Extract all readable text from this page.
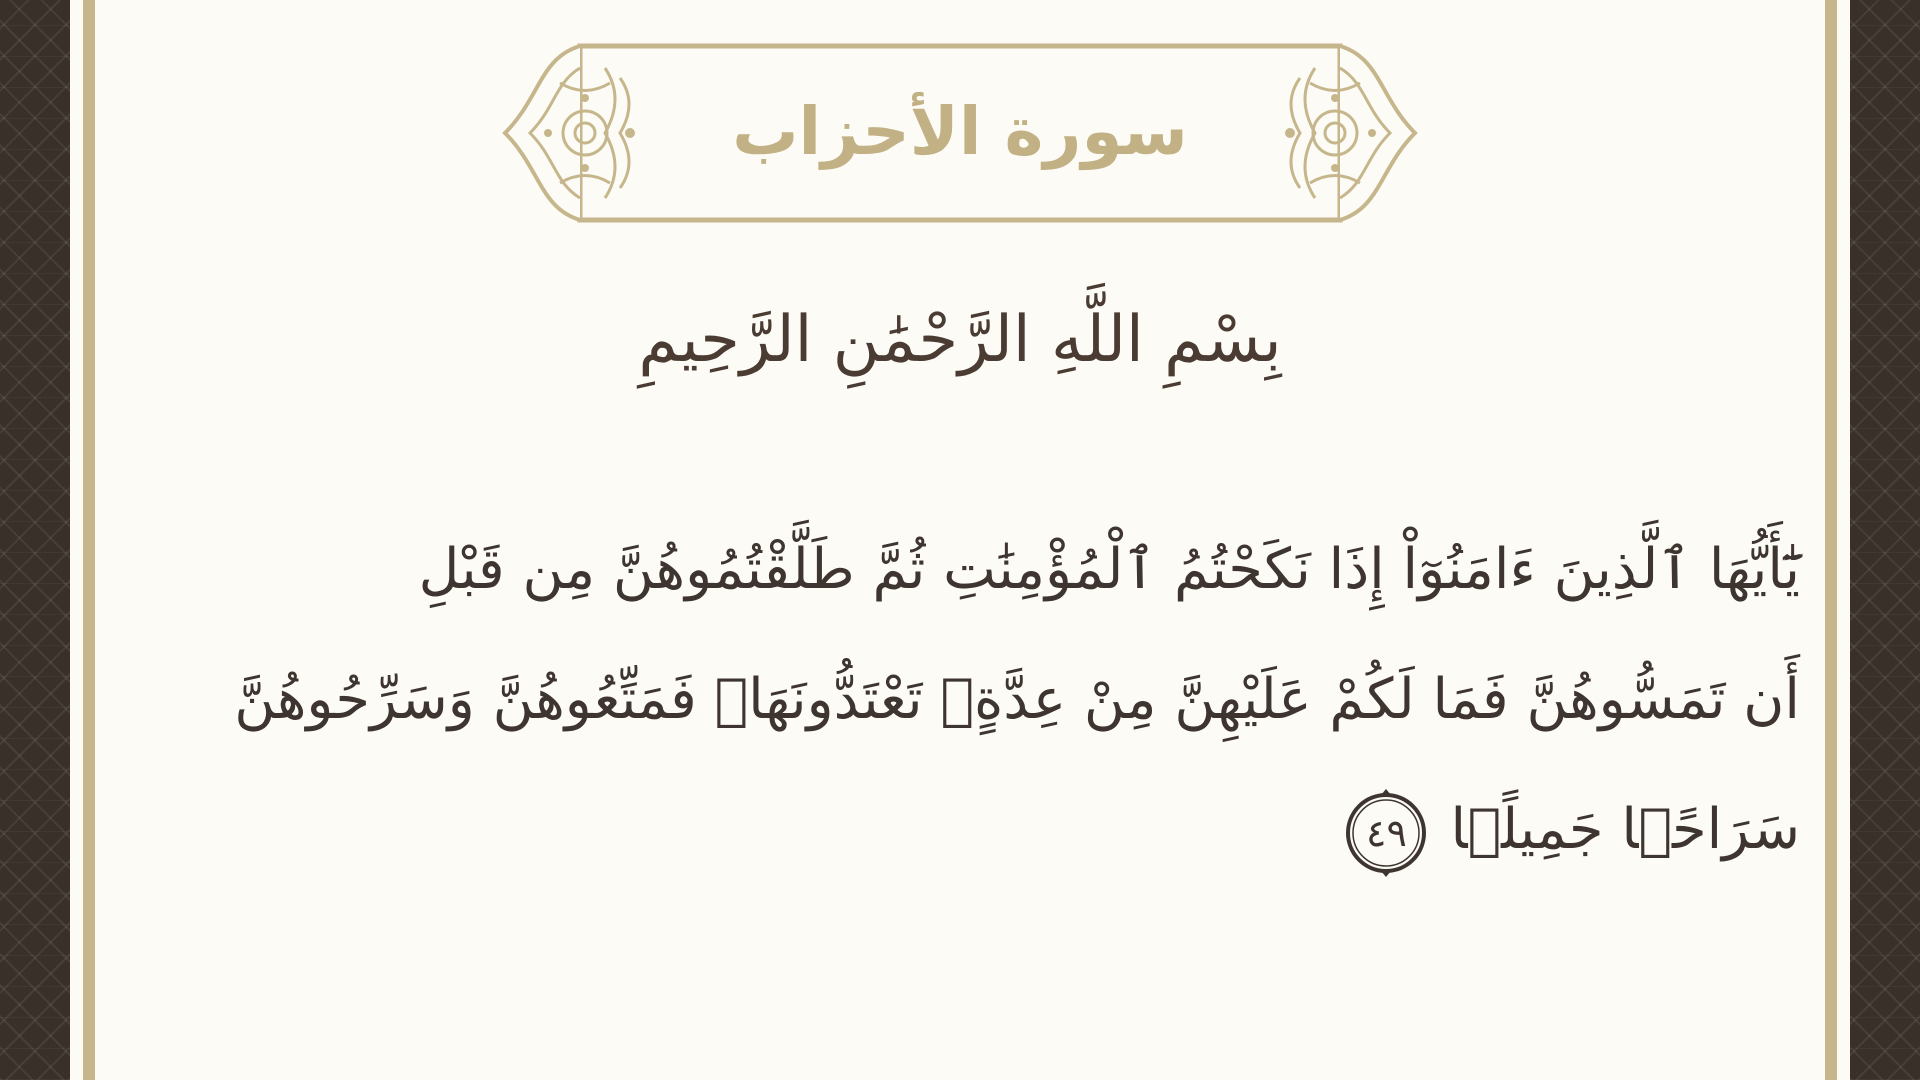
سورة الأحزاب
بِسْمِ اللَّهِ الرَّحْمَٰنِ الرَّحِيمِ
يَٰٓأَيُّهَا ٱلَّذِينَ ءَامَنُوٓاْ إِذَا نَكَحْتُمُ ٱلْمُؤْمِنَٰتِ ثُمَّ طَلَّقْتُمُوهُنَّ مِن قَبْلِ
أَن تَمَسُّوهُنَّ فَمَا لَكُمْ عَلَيْهِنَّ مِنْ عِدَّةٍۢ تَعْتَدُّونَهَاۖ فَمَتِّعُوهُنَّ وَسَرِّحُوهُنَّ
سَرَاحًۭا جَمِيلًۭا
٤٩
